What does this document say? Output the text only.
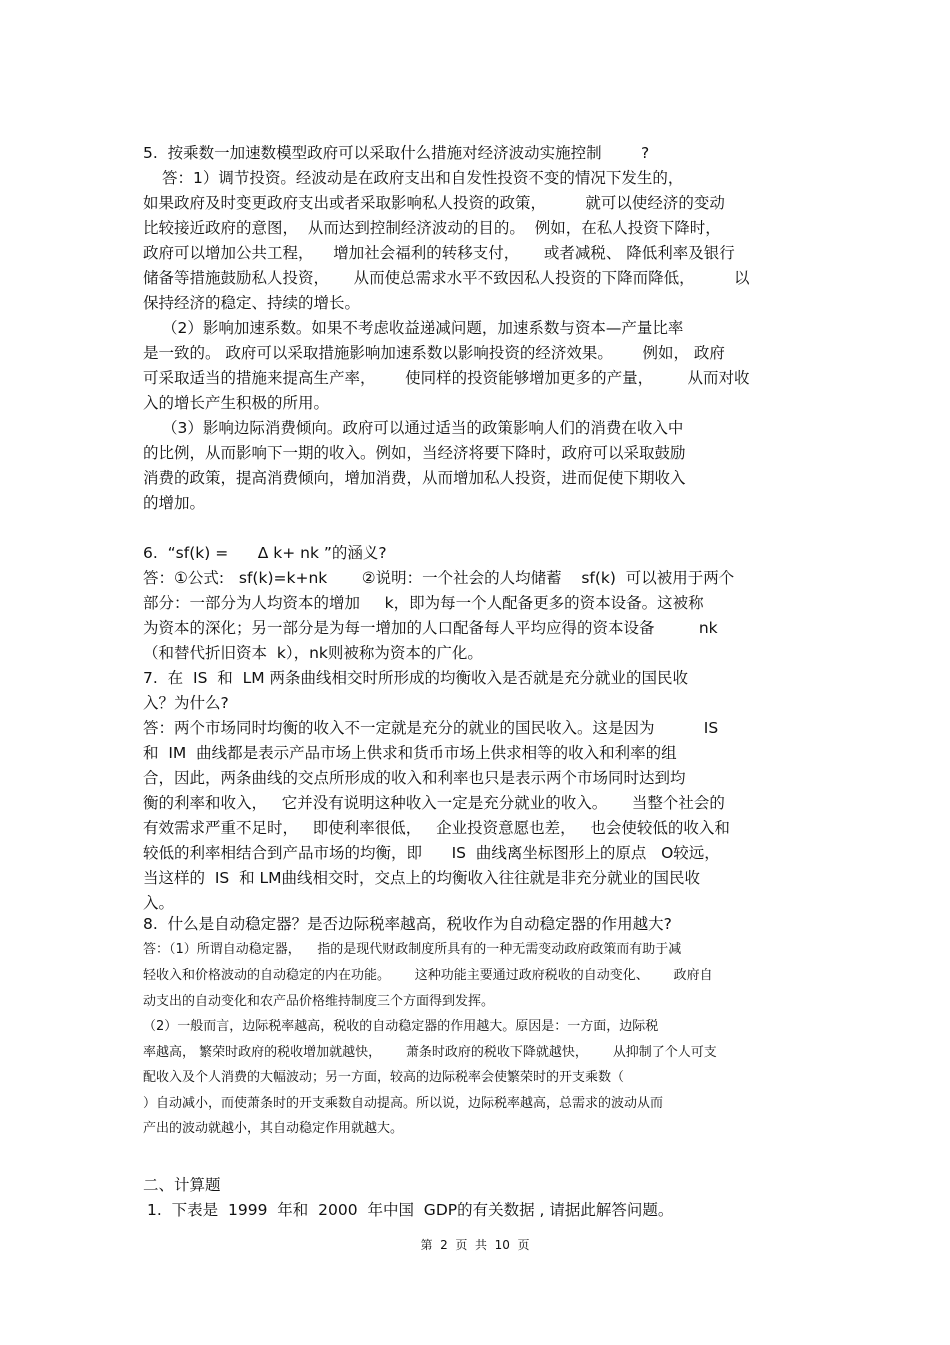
5.  按乘数一加速数模型政府可以采取什么措施对经济波动实施控制        ?

答：1）调节投资。经波动是在政府支出和自发性投资不变的情况下发生的，

如果政府及时变更政府支出或者采取影响私人投资的政策，        就可以使经济的变动

比较接近政府的意图，  从而达到控制经济波动的目的。  例如，在私人投资下降时，

政府可以增加公共工程，    增加社会福利的转移支付，     或者减税、 降低利率及银行

储备等措施鼓励私人投资，     从而使总需求水平不致因私人投资的下降而降低，        以

保持经济的稳定、持续的增长。

（2）影响加速系数。如果不考虑收益递减问题，加速系数与资本—产量比率

是一致的。 政府可以采取措施影响加速系数以影响投资的经济效果。      例如， 政府

可采取适当的措施来提高生产率，      使同样的投资能够增加更多的产量，       从而对收

入的增长产生积极的所用。

（3）影响边际消费倾向。政府可以通过适当的政策影响人们的消费在收入中

的比例，从而影响下一期的收入。例如，当经济将要下降时，政府可以采取鼓励

消费的政策，提高消费倾向，增加消费，从而增加私人投资，进而促使下期收入

的增加。

6.  “sf(k) =      Δ k+ nk ”的涵义?

答：①公式:   sf(k)=k+nk       ②说明：一个社会的人均储蓄    sf(k)  可以被用于两个

部分：一部分为人均资本的增加     k，即为每一个人配备更多的资本设备。这被称

为资本的深化；另一部分是为每一增加的人口配备每人平均应得的资本设备         nk

（和替代折旧资本  k），nk则被称为资本的广化。

7.  在  IS  和  LM 两条曲线相交时所形成的均衡收入是否就是充分就业的国民收

入？为什么?

答：两个市场同时均衡的收入不一定就是充分的就业的国民收入。这是因为          IS

和  IM  曲线都是表示产品市场上供求和货币市场上供求相等的收入和利率的组

合，因此，两条曲线的交点所形成的收入和利率也只是表示两个市场同时达到均

衡的利率和收入，   它并没有说明这种收入一定是充分就业的收入。     当整个社会的

有效需求严重不足时，   即使利率很低，   企业投资意愿也差，   也会使较低的收入和

较低的利率相结合到产品市场的均衡，即      IS  曲线离坐标图形上的原点   O较远，

当这样的  IS  和 LM曲线相交时，交点上的均衡收入往往就是非充分就业的国民收

入。

8.  什么是自动稳定器？是否边际税率越高，税收作为自动稳定器的作用越大?

答：（1）所谓自动稳定器，    指的是现代财政制度所具有的一种无需变动政府政策而有助于减

轻收入和价格波动的自动稳定的内在功能。      这种功能主要通过政府税收的自动变化、      政府自

动支出的自动变化和农产品价格维持制度三个方面得到发挥。

（2）一般而言，边际税率越高，税收的自动稳定器的作用越大。原因是：一方面，边际税

率越高， 繁荣时政府的税收增加就越快，      萧条时政府的税收下降就越快，      从抑制了个人可支

配收入及个人消费的大幅波动；另一方面，较高的边际税率会使繁荣时的开支乘数（

）自动减小，而使萧条时的开支乘数自动提高。所以说，边际税率越高，总需求的波动从而

产出的波动就越小，其自动稳定作用就越大。

二、计算题

1.  下表是  1999  年和  2000  年中国  GDP的有关数据 , 请据此解答问题。

第  2  页  共  10  页
